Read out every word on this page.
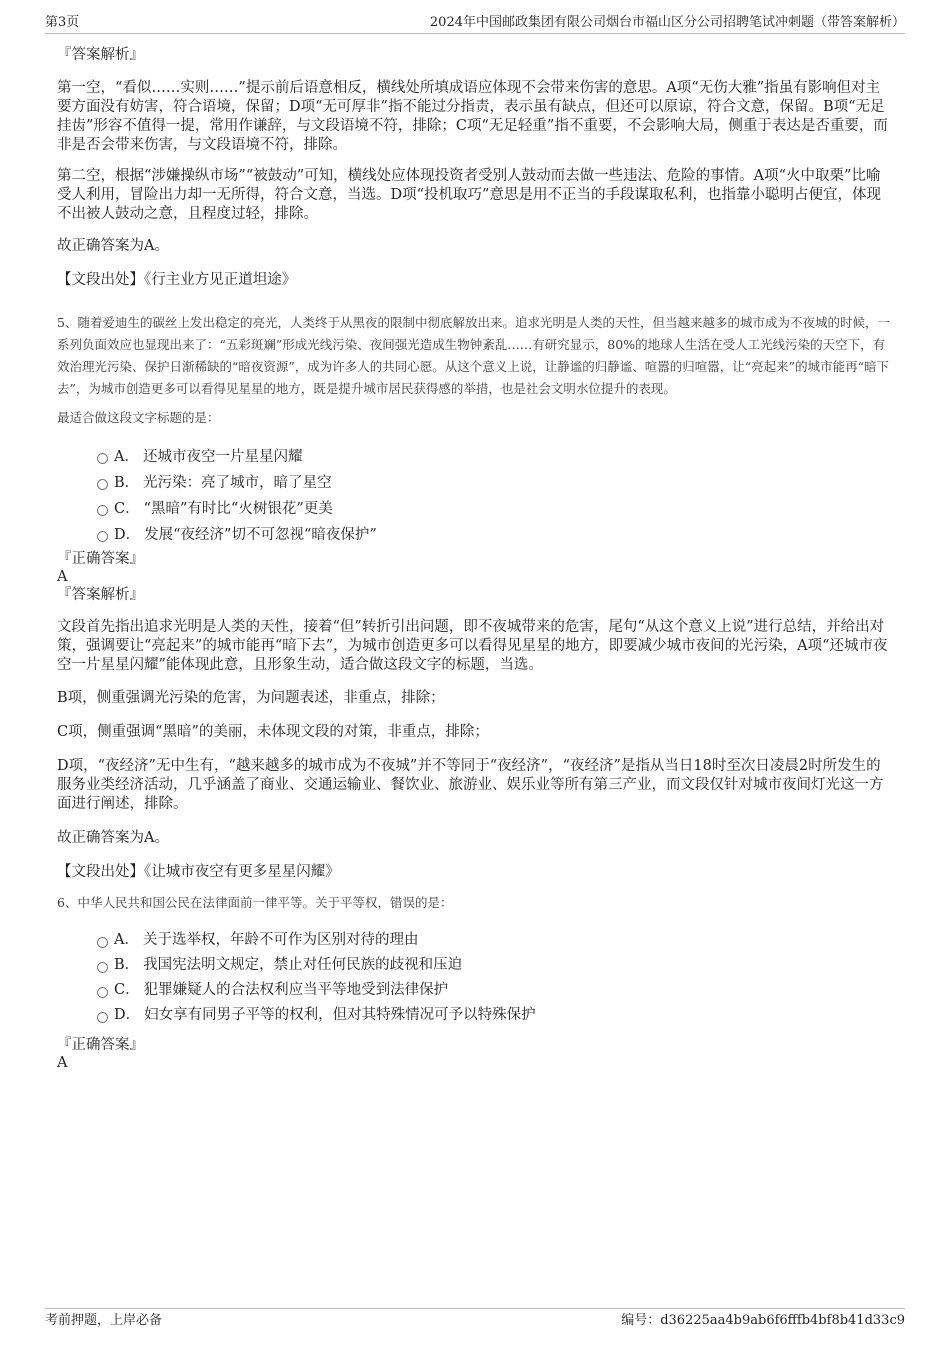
第3页	2024年中国邮政集团有限公司烟台市福山区分公司招聘笔试冲刺题（带答案解析）

『答案解析』

第一空，“看似……实则……”提示前后语意相反，横线处所填成语应体现不会带来伤害的意思。A项“无伤大雅”指虽有影响但对主要方面没有妨害，符合语境，保留；D项“无可厚非”指不能过分指责，表示虽有缺点，但还可以原谅，符合文意，保留。B项“无足挂齿”形容不值得一提，常用作谦辞，与文段语境不符，排除；C项“无足轻重”指不重要，不会影响大局，侧重于表达是否重要，而非是否会带来伤害，与文段语境不符，排除。

第二空，根据“涉嫌操纵市场”“被鼓动”可知，横线处应体现投资者受别人鼓动而去做一些违法、危险的事情。A项“火中取栗”比喻受人利用，冒险出力却一无所得，符合文意，当选。D项“投机取巧”意思是用不正当的手段谋取私利，也指靠小聪明占便宜，体现不出被人鼓动之意，且程度过轻，排除。

故正确答案为A。

【文段出处】《行主业方见正道坦途》

5、随着爱迪生的碳丝上发出稳定的亮光，人类终于从黑夜的限制中彻底解放出来。追求光明是人类的天性，但当越来越多的城市成为不夜城的时候，一系列负面效应也显现出来了：“五彩斑斓”形成光线污染、夜间强光造成生物钟紊乱……有研究显示，80%的地球人生活在受人工光线污染的天空下，有效治理光污染、保护日渐稀缺的“暗夜资源”，成为许多人的共同心愿。从这个意义上说，让静谧的归静谧、喧嚣的归喧嚣，让“亮起来”的城市能再“暗下去”，为城市创造更多可以看得见星星的地方，既是提升城市居民获得感的举措，也是社会文明水位提升的表现。

最适合做这段文字标题的是：

A． 还城市夜空一片星星闪耀
B． 光污染：亮了城市，暗了星空
C． “黑暗”有时比“火树银花”更美
D． 发展“夜经济”切不可忽视“暗夜保护”

『正确答案』

A

『答案解析』

文段首先指出追求光明是人类的天性，接着“但”转折引出问题，即不夜城带来的危害，尾句“从这个意义上说”进行总结，并给出对策，强调要让“亮起来”的城市能再“暗下去”，为城市创造更多可以看得见星星的地方，即要减少城市夜间的光污染，A项“还城市夜空一片星星闪耀”能体现此意，且形象生动，适合做这段文字的标题，当选。

B项，侧重强调光污染的危害，为问题表述，非重点，排除；

C项，侧重强调“黑暗”的美丽，未体现文段的对策，非重点，排除；

D项，“夜经济”无中生有，“越来越多的城市成为不夜城”并不等同于“夜经济”，“夜经济”是指从当日18时至次日凌晨2时所发生的服务业类经济活动，几乎涵盖了商业、交通运输业、餐饮业、旅游业、娱乐业等所有第三产业，而文段仅针对城市夜间灯光这一方面进行阐述，排除。

故正确答案为A。

【文段出处】《让城市夜空有更多星星闪耀》

6、中华人民共和国公民在法律面前一律平等。关于平等权，错误的是：

A． 关于选举权，年龄不可作为区别对待的理由
B． 我国宪法明文规定，禁止对任何民族的歧视和压迫
C． 犯罪嫌疑人的合法权利应当平等地受到法律保护
D． 妇女享有同男子平等的权利，但对其特殊情况可予以特殊保护

『正确答案』

A

考前押题，上岸必备	编号：d36225aa4b9ab6f6fffb4bf8b41d33c9
